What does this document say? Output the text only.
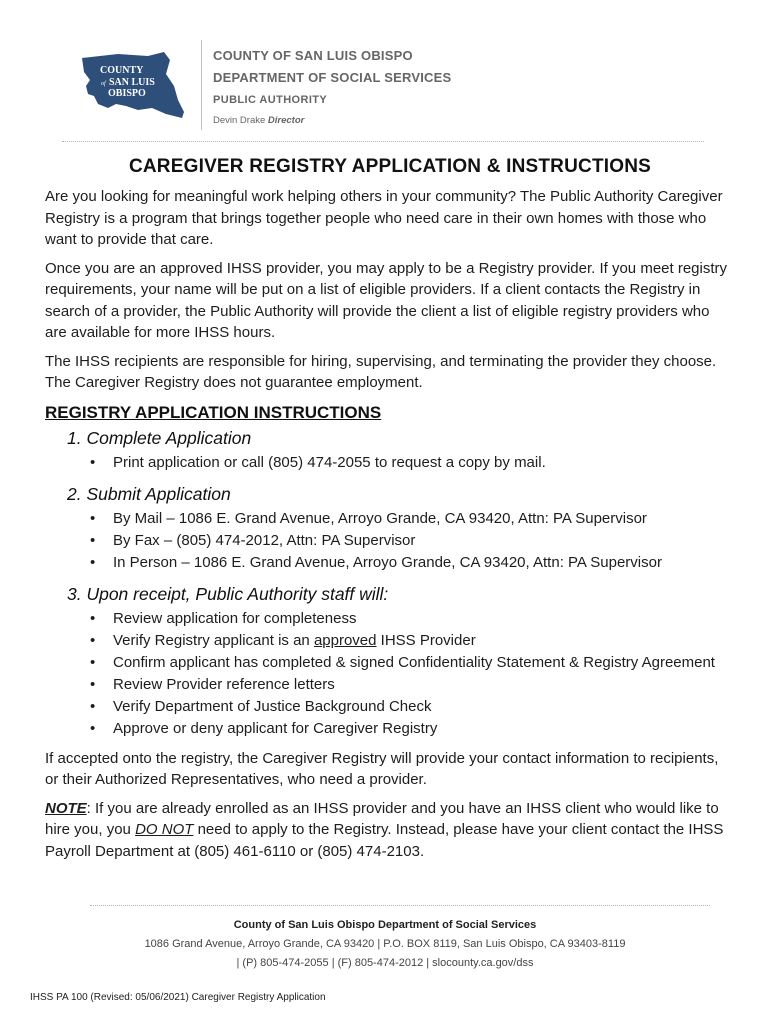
COUNTY
of SAN LUIS
OBISPO
COUNTY OF SAN LUIS OBISPO
DEPARTMENT OF SOCIAL SERVICES
PUBLIC AUTHORITY
Devin Drake Director
CAREGIVER REGISTRY APPLICATION & INSTRUCTIONS

Are you looking for meaningful work helping others in your community? The Public Authority Caregiver Registry is a program that brings together people who need care in their own homes with those who want to provide that care.

Once you are an approved IHSS provider, you may apply to be a Registry provider. If you meet registry requirements, your name will be put on a list of eligible providers. If a client contacts the Registry in search of a provider, the Public Authority will provide the client a list of eligible registry providers who are available for more IHSS hours.

The IHSS recipients are responsible for hiring, supervising, and terminating the provider they choose. The Caregiver Registry does not guarantee employment.

REGISTRY APPLICATION INSTRUCTIONS
1. Complete Application
• Print application or call (805) 474-2055 to request a copy by mail.
2. Submit Application
• By Mail – 1086 E. Grand Avenue, Arroyo Grande, CA 93420, Attn: PA Supervisor
• By Fax – (805) 474-2012, Attn: PA Supervisor
• In Person – 1086 E. Grand Avenue, Arroyo Grande, CA 93420, Attn: PA Supervisor
3. Upon receipt, Public Authority staff will:
• Review application for completeness
• Verify Registry applicant is an approved IHSS Provider
• Confirm applicant has completed & signed Confidentiality Statement & Registry Agreement
• Review Provider reference letters
• Verify Department of Justice Background Check
• Approve or deny applicant for Caregiver Registry

If accepted onto the registry, the Caregiver Registry will provide your contact information to recipients, or their Authorized Representatives, who need a provider.

NOTE: If you are already enrolled as an IHSS provider and you have an IHSS client who would like to hire you, you DO NOT need to apply to the Registry. Instead, please have your client contact the IHSS Payroll Department at (805) 461-6110 or (805) 474-2103.

County of San Luis Obispo Department of Social Services
1086 Grand Avenue, Arroyo Grande, CA 93420 | P.O. BOX 8119, San Luis Obispo, CA 93403-8119
| (P) 805-474-2055 | (F) 805-474-2012 | slocounty.ca.gov/dss
IHSS PA 100 (Revised: 05/06/2021) Caregiver Registry Application
